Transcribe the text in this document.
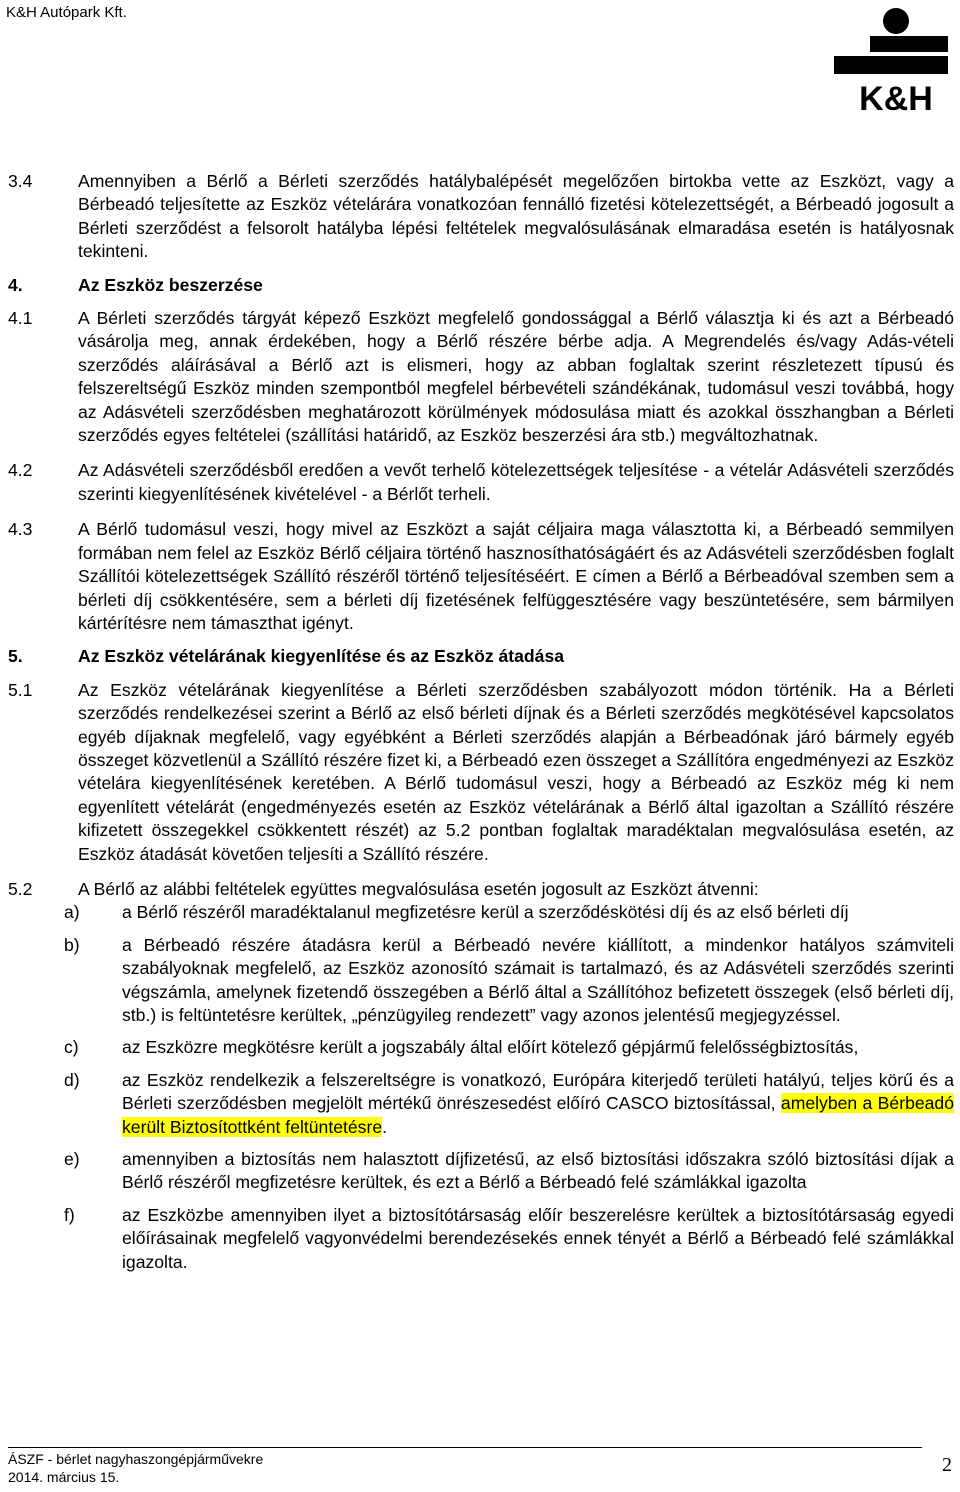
K&H Autópark Kft.
K&H
3.4	Amennyiben a Bérlő a Bérleti szerződés hatálybalépését megelőzően birtokba vette az Eszközt, vagy a Bérbeadó teljesítette az Eszköz vételárára vonatkozóan fennálló fizetési kötelezettségét, a Bérbeadó jogosult a Bérleti szerződést a felsorolt hatályba lépési feltételek megvalósulásának elmaradása esetén is hatályosnak tekinteni.
4.	Az Eszköz beszerzése
4.1	A Bérleti szerződés tárgyát képező Eszközt megfelelő gondossággal a Bérlő választja ki és azt a Bérbeadó vásárolja meg, annak érdekében, hogy a Bérlő részére bérbe adja. A Megrendelés és/vagy Adás-vételi szerződés aláírásával a Bérlő azt is elismeri, hogy az abban foglaltak szerint részletezett típusú és felszereltségű Eszköz minden szempontból megfelel bérbevételi szándékának, tudomásul veszi továbbá, hogy az Adásvételi szerződésben meghatározott körülmények módosulása miatt és azokkal összhangban a Bérleti szerződés egyes feltételei (szállítási határidő, az Eszköz beszerzési ára stb.) megváltozhatnak.
4.2	Az Adásvételi szerződésből eredően a vevőt terhelő kötelezettségek teljesítése - a vételár Adásvételi szerződés szerinti kiegyenlítésének kivételével - a Bérlőt terheli.
4.3	A Bérlő tudomásul veszi, hogy mivel az Eszközt a saját céljaira maga választotta ki, a Bérbeadó semmilyen formában nem felel az Eszköz Bérlő céljaira történő hasznosíthatóságáért és az Adásvételi szerződésben foglalt Szállítói kötelezettségek Szállító részéről történő teljesítéséért. E címen a Bérlő a Bérbeadóval szemben sem a bérleti díj csökkentésére, sem a bérleti díj fizetésének felfüggesztésére vagy beszüntetésére, sem bármilyen kártérítésre nem támaszthat igényt.
5.	Az Eszköz vételárának kiegyenlítése és az Eszköz átadása
5.1	Az Eszköz vételárának kiegyenlítése a Bérleti szerződésben szabályozott módon történik. Ha a Bérleti szerződés rendelkezései szerint a Bérlő az első bérleti díjnak és a Bérleti szerződés megkötésével kapcsolatos egyéb díjaknak megfelelő, vagy egyébként a Bérleti szerződés alapján a Bérbeadónak járó bármely egyéb összeget közvetlenül a Szállító részére fizet ki, a Bérbeadó ezen összeget a Szállítóra engedményezi az Eszköz vételára kiegyenlítésének keretében. A Bérlő tudomásul veszi, hogy a Bérbeadó az Eszköz még ki nem egyenlített vételárát (engedményezés esetén az Eszköz vételárának a Bérlő által igazoltan a Szállító részére kifizetett összegekkel csökkentett részét) az 5.2 pontban foglaltak maradéktalan megvalósulása esetén, az Eszköz átadását követően teljesíti a Szállító részére.
5.2	A Bérlő az alábbi feltételek együttes megvalósulása esetén jogosult az Eszközt átvenni:
a)	a Bérlő részéről maradéktalanul megfizetésre kerül a szerződéskötési díj és az első bérleti díj
b)	a Bérbeadó részére átadásra kerül a Bérbeadó nevére kiállított, a mindenkor hatályos számviteli szabályoknak megfelelő, az Eszköz azonosító számait is tartalmazó, és az Adásvételi szerződés szerinti végszámla, amelynek fizetendő összegében a Bérlő által a Szállítóhoz befizetett összegek (első bérleti díj, stb.) is feltüntetésre kerültek, „pénzügyileg rendezett” vagy azonos jelentésű megjegyzéssel.
c)	az Eszközre megkötésre került a jogszabály által előírt kötelező gépjármű felelősségbiztosítás,
d)	az Eszköz rendelkezik a felszereltségre is vonatkozó, Európára kiterjedő területi hatályú, teljes körű és a Bérleti szerződésben megjelölt mértékű önrészesedést előíró CASCO biztosítással, amelyben a Bérbeadó került Biztosítottként feltüntetésre.
e)	amennyiben a biztosítás nem halasztott díjfizetésű, az első biztosítási időszakra szóló biztosítási díjak a Bérlő részéről megfizetésre kerültek, és ezt a Bérlő a Bérbeadó felé számlákkal igazolta
f)	az Eszközbe amennyiben ilyet a biztosítótársaság előír beszerelésre kerültek a biztosítótársaság egyedi előírásainak megfelelő vagyonvédelmi berendezésekés ennek tényét a Bérlő a Bérbeadó felé számlákkal igazolta.
ÁSZF - bérlet nagyhaszongépjárművekre
2014. március 15.
2
